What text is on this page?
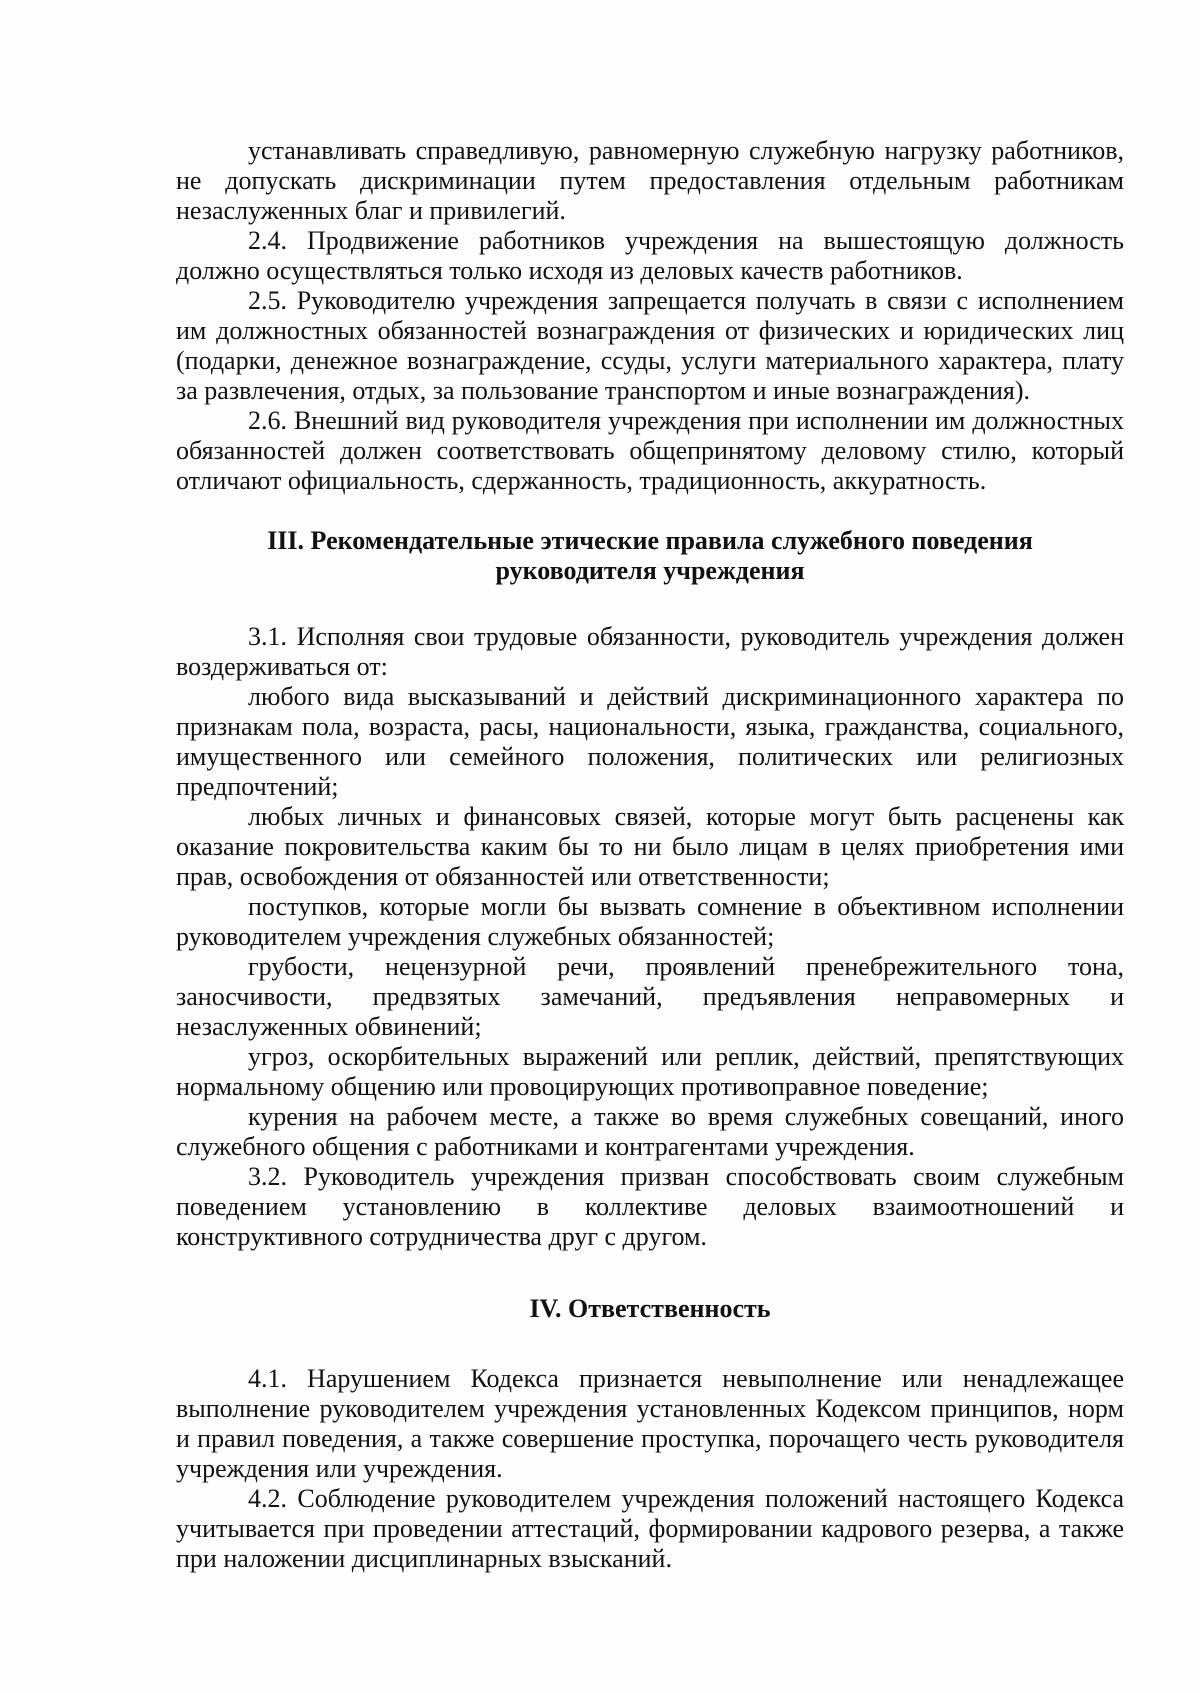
устанавливать справедливую, равномерную служебную нагрузку работников, не допускать дискриминации путем предоставления отдельным работникам незаслуженных благ и привилегий.

2.4. Продвижение работников учреждения на вышестоящую должность должно осуществляться только исходя из деловых качеств работников.

2.5. Руководителю учреждения запрещается получать в связи с исполнением им должностных обязанностей вознаграждения от физических и юридических лиц (подарки, денежное вознаграждение, ссуды, услуги материального характера, плату за развлечения, отдых, за пользование транспортом и иные вознаграждения).

2.6. Внешний вид руководителя учреждения при исполнении им должностных обязанностей должен соответствовать общепринятому деловому стилю, который отличают официальность, сдержанность, традиционность, аккуратность.

III. Рекомендательные этические правила служебного поведения
руководителя учреждения

3.1. Исполняя свои трудовые обязанности, руководитель учреждения должен воздерживаться от:

любого вида высказываний и действий дискриминационного характера по признакам пола, возраста, расы, национальности, языка, гражданства, социального, имущественного или семейного положения, политических или религиозных предпочтений;

любых личных и финансовых связей, которые могут быть расценены как оказание покровительства каким бы то ни было лицам в целях приобретения ими прав, освобождения от обязанностей или ответственности;

поступков, которые могли бы вызвать сомнение в объективном исполнении руководителем учреждения служебных обязанностей;

грубости, нецензурной речи, проявлений пренебрежительного тона, заносчивости, предвзятых замечаний, предъявления неправомерных и незаслуженных обвинений;

угроз, оскорбительных выражений или реплик, действий, препятствующих нормальному общению или провоцирующих противоправное поведение;

курения на рабочем месте, а также во время служебных совещаний, иного служебного общения с работниками и контрагентами учреждения.

3.2. Руководитель учреждения призван способствовать своим служебным поведением установлению в коллективе деловых взаимоотношений и конструктивного сотрудничества друг с другом.

IV. Ответственность

4.1. Нарушением Кодекса признается невыполнение или ненадлежащее выполнение руководителем учреждения установленных Кодексом принципов, норм и правил поведения, а также совершение проступка, порочащего честь руководителя учреждения или учреждения.

4.2. Соблюдение руководителем учреждения положений настоящего Кодекса учитывается при проведении аттестаций, формировании кадрового резерва, а также при наложении дисциплинарных взысканий.
